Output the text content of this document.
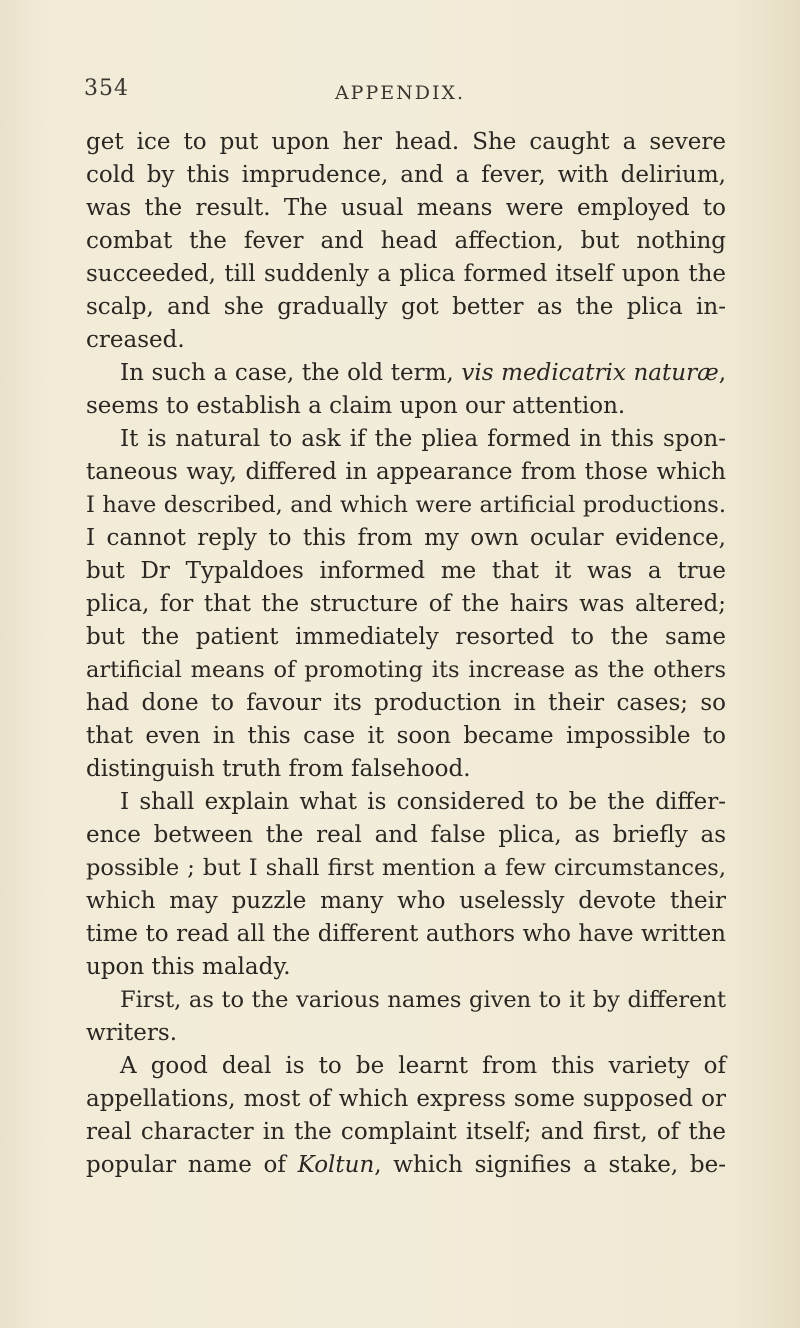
354	APPENDIX.
get ice to put upon her head. She caught a severe
cold by this imprudence, and a fever, with delirium,
was the result. The usual means were employed to
combat the fever and head affection, but nothing
succeeded, till suddenly a plica formed itself upon the
scalp, and she gradually got better as the plica in-
creased.
In such a case, the old term, vis medicatrix naturæ,
seems to establish a claim upon our attention.
It is natural to ask if the pliea formed in this spon-
taneous way, differed in appearance from those which
I have described, and which were artificial productions.
I cannot reply to this from my own ocular evidence,
but Dr Typaldoes informed me that it was a true
plica, for that the structure of the hairs was altered;
but the patient immediately resorted to the same
artificial means of promoting its increase as the others
had done to favour its production in their cases; so
that even in this case it soon became impossible to
distinguish truth from falsehood.
I shall explain what is considered to be the differ-
ence between the real and false plica, as briefly as
possible ; but I shall first mention a few circumstances,
which may puzzle many who uselessly devote their
time to read all the different authors who have written
upon this malady.
First, as to the various names given to it by different
writers.
A good deal is to be learnt from this variety of
appellations, most of which express some supposed or
real character in the complaint itself; and first, of the
popular name of Koltun, which signifies a stake, be-
